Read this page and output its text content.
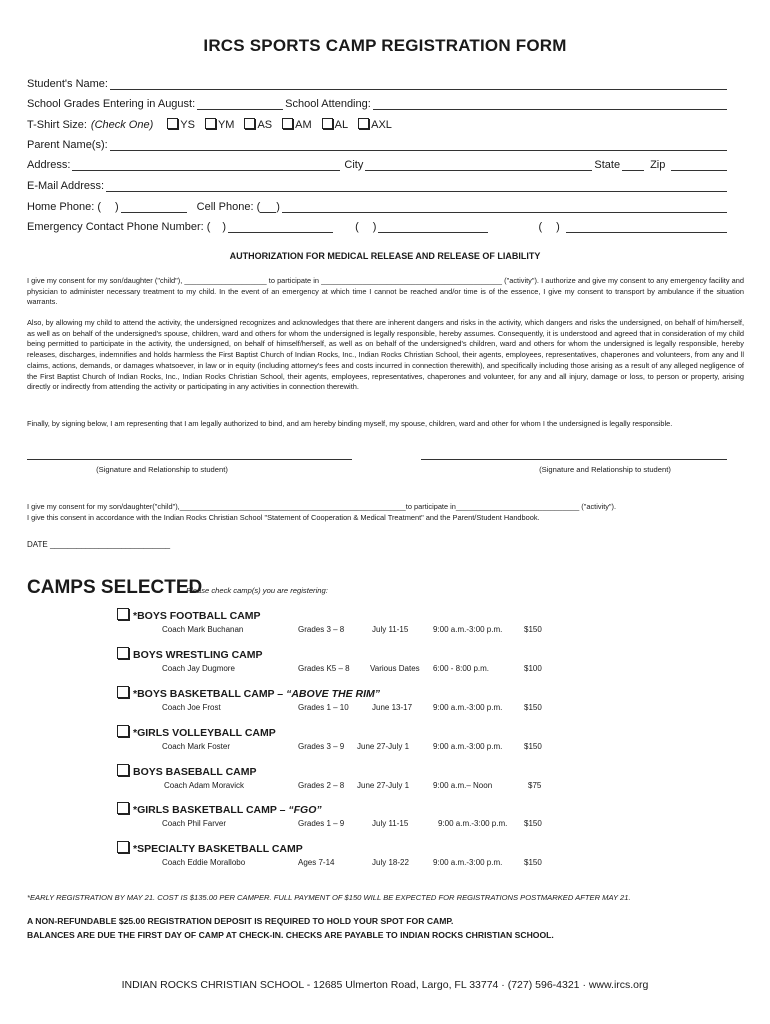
IRCS SPORTS CAMP REGISTRATION FORM
Student's Name:
School Grades Entering in August:	School Attending:
T-Shirt Size: (Check One)	YS YM AS AM AL AXL
Parent Name(s):
Address:	City	State	Zip
E-Mail Address:
Home Phone: ( )	Cell Phone: ( )
Emergency Contact Phone Number: ( )	( )	( )
AUTHORIZATION FOR MEDICAL RELEASE AND RELEASE OF LIABILITY
I give my consent for my son/daughter ("child"), ____________________ to participate in ____________________________________________ ("activity"). I authorize and give my consent to any emergency facility and physician to administer necessary treatment to my child. In the event of an emergency at which time I cannot be reached and/or time is of the essence, I give my consent to transport by ambulance if the situation warrants.
Also, by allowing my child to attend the activity, the undersigned recognizes and acknowledges that there are inherent dangers and risks in the activity, which dangers and risks the undersigned, on behalf of him/herself, as well as on behalf of the undersigned's spouse, children, ward and others for whom the undersigned is legally responsible, hereby assumes. Consequently, it is understood and agreed that in consideration of my child being permitted to participate in the activity, the undersigned, on behalf of himself/herself, as well as on behalf of the undersigned's children, ward and others for whom the undersigned is legally responsible, hereby releases, discharges, indemnifies and holds harmless the First Baptist Church of Indian Rocks, Inc., Indian Rocks Christian School, their agents, employees, representatives, chaperones and volunteers, from any and ll claims, actions, demands, or damages whatsoever, in law or in equity (including attorney's fees and costs incurred in connection therewith), and specifically including those arising as a result of any alleged negligence of the First Baptist Church of Indian Rocks, Inc., Indian Rocks Christian School, their agents, employees, representatives, chaperones and volunteer, for any and all injury, damage or loss, to person or property, arising directly or indirectly from attending the activity or participating in any activities in connection therewith.
Finally, by signing below, I am representing that I am legally authorized to bind, and am hereby binding myself, my spouse, children, ward and other for whom I the undersigned is legally responsible.
(Signature and Relationship to student)	(Signature and Relationship to student)
I give my consent for my son/daughter("child"),_______________________________________________________to participate in______________________________ ("activity").
I give this consent in accordance with the Indian Rocks Christian School "Statement of Cooperation & Medical Treatment" and the Parent/Student Handbook.
DATE ___________________________
CAMPS SELECTED
Please check camp(s) you are registering:
*BOYS FOOTBALL CAMP
Coach Mark Buchanan	Grades 3 – 8	July 11-15	9:00 a.m.-3:00 p.m.	$150
BOYS WRESTLING CAMP
Coach Jay Dugmore	Grades K5 – 8	Various Dates 6:00 - 8:00 p.m.	$100
*BOYS BASKETBALL CAMP – “ABOVE THE RIM”
Coach Joe Frost	Grades 1 – 10	June 13-17	9:00 a.m.-3:00 p.m.	$150
*GIRLS VOLLEYBALL CAMP
Coach Mark Foster	Grades 3 – 9 June 27-July 1	9:00 a.m.-3:00 p.m.	$150
BOYS BASEBALL CAMP
Coach Adam Moravick	Grades 2 – 8 June 27-July 1	9:00 a.m.– Noon	$75
*GIRLS BASKETBALL CAMP – “FGO”
Coach Phil Farver	Grades 1 – 9	July 11-15	9:00 a.m.-3:00 p.m. $150
*SPECIALTY BASKETBALL CAMP
Coach Eddie Morallobo	Ages 7-14	July 18-22	9:00 a.m.-3:00 p.m.	$150
*EARLY REGISTRATION BY MAY 21. COST IS $135.00 PER CAMPER. FULL PAYMENT OF $150 WILL BE EXPECTED FOR REGISTRATIONS POSTMARKED AFTER MAY 21.
A NON-REFUNDABLE $25.00 REGISTRATION DEPOSIT IS REQUIRED TO HOLD YOUR SPOT FOR CAMP.
BALANCES ARE DUE THE FIRST DAY OF CAMP AT CHECK-IN. CHECKS ARE PAYABLE TO INDIAN ROCKS CHRISTIAN SCHOOL.
INDIAN ROCKS CHRISTIAN SCHOOL - 12685 Ulmerton Road, Largo, FL 33774 · (727) 596-4321 · www.ircs.org
